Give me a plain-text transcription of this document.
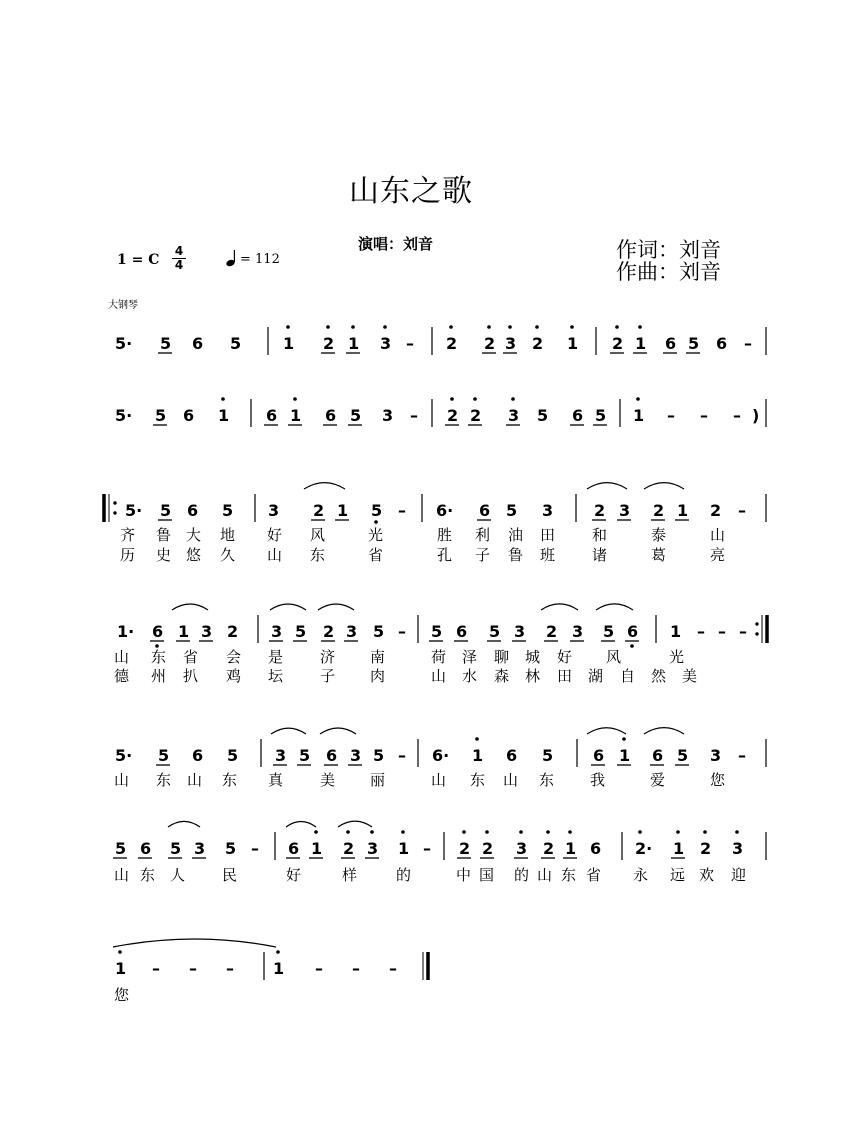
山东之歌
演唱：刘音	作词：刘音
作曲：刘音
1 = C
4
4	= 112
大钢琴
5· 5 6 5	1 2 1 3 – 2 2 3 2 1 2 1 6 5 6 –
5· 5 6 1 6 1 6 5 3 – 2 2 3 5 6 5 1 – – – )
5· 5 6 5 3 2 1 5 – 6· 6 5 3	2 3 2 1 2 –
齐 鲁 大 地 好 风	光	胜 利 油 田 和	泰	山
历 史 悠 久 山 东	省	孔 子 鲁 班 诸	葛	亮
1· 6 1 3 2 3 5 2 3 5 – 5 6 5 3 2 3 5 6 1 – – –
山 东 省 会 是 济 南	荷 泽 聊 城 好 风	光
德 州 扒 鸡 坛 子 肉	山 水 森 林 田 湖 自 然 美
5· 5 6 5 3 5 6 3 5 – 6· 1 6 5 6 1 6 5 3 –
山 东 山 东 真 美 丽	山 东 山 东 我	爱	您
5 6 5 3 5 – 6 1 2 3 1 – 2 2 3 2 1 6 2· 1 2 3
山 东 人 民	好	样	的	中 国 的 山 东 省 永 远 欢 迎
1 – – – 1 – – –
您
